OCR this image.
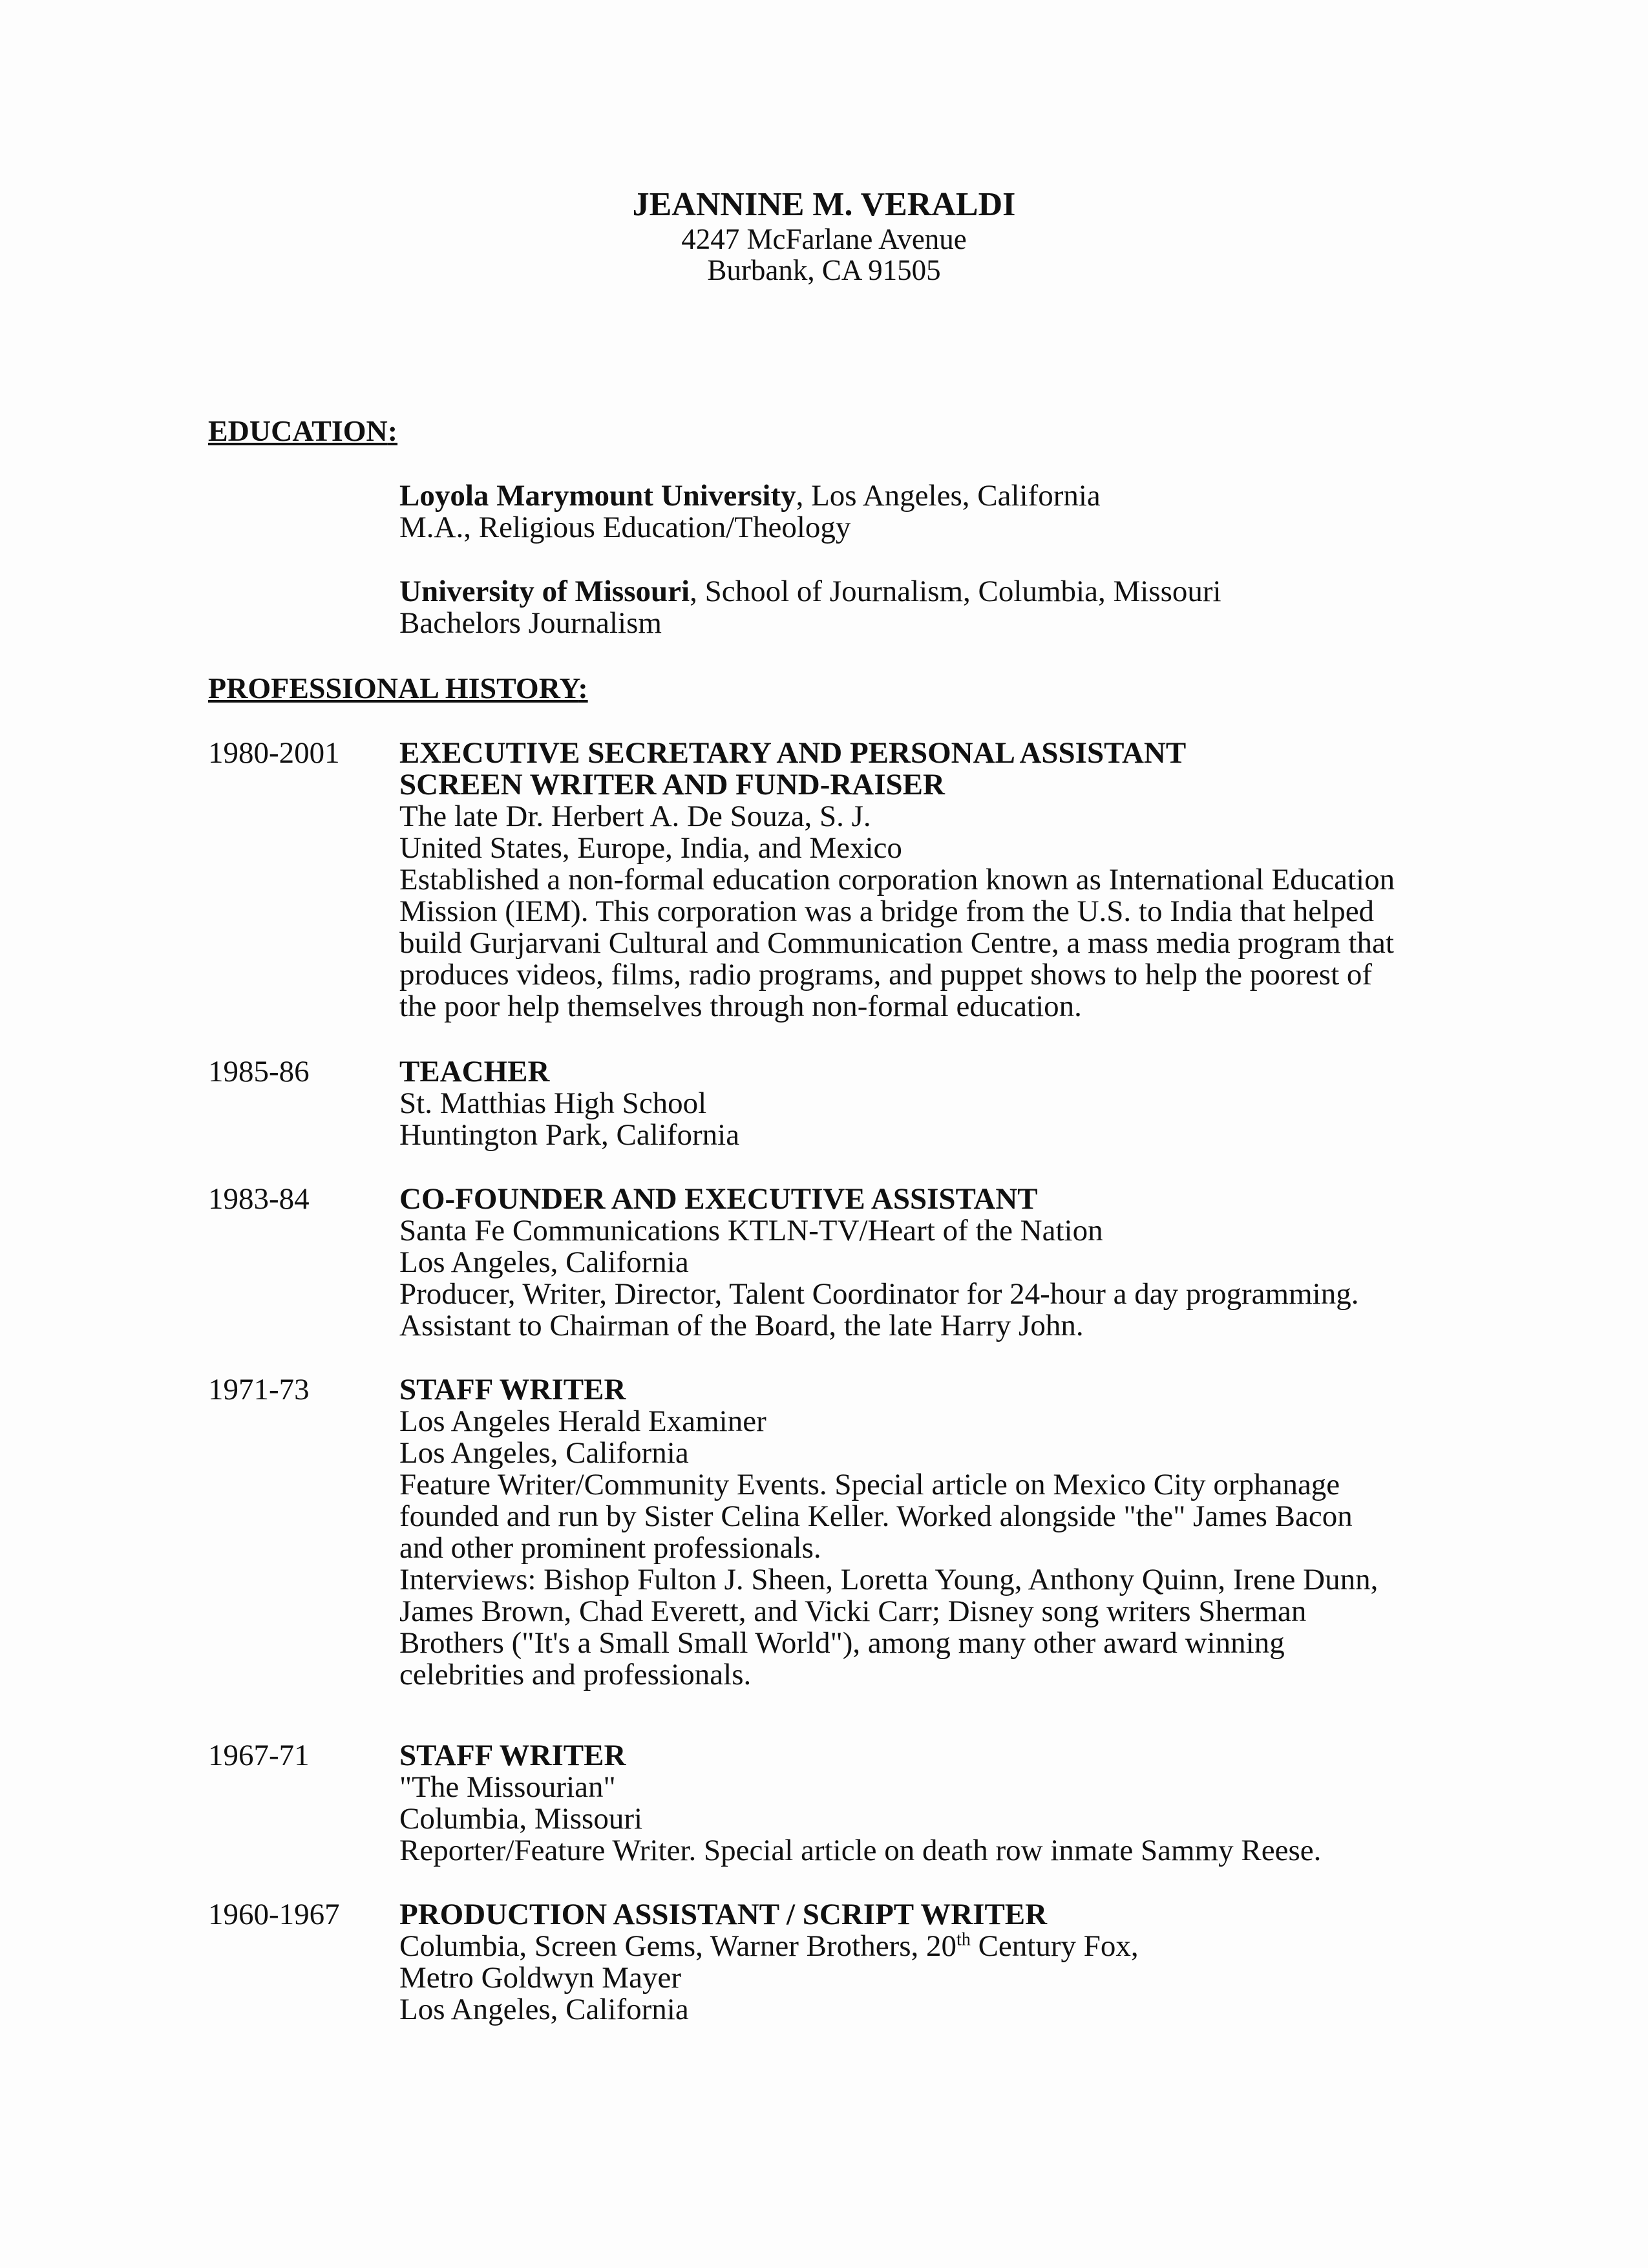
JEANNINE M. VERALDI
4247 McFarlane Avenue
Burbank, CA 91505
EDUCATION:
Loyola Marymount University, Los Angeles, California
M.A., Religious Education/Theology
University of Missouri, School of Journalism, Columbia, Missouri
Bachelors Journalism
PROFESSIONAL HISTORY:
1980-2001 EXECUTIVE SECRETARY AND PERSONAL ASSISTANT
SCREEN WRITER AND FUND-RAISER
The late Dr. Herbert A. De Souza, S. J.
United States, Europe, India, and Mexico
Established a non-formal education corporation known as International Education
Mission (IEM). This corporation was a bridge from the U.S. to India that helped
build Gurjarvani Cultural and Communication Centre, a mass media program that
produces videos, films, radio programs, and puppet shows to help the poorest of
the poor help themselves through non-formal education.
1985-86	TEACHER
St. Matthias High School
Huntington Park, California
1983-84	CO-FOUNDER AND EXECUTIVE ASSISTANT
Santa Fe Communications KTLN-TV/Heart of the Nation
Los Angeles, California
Producer, Writer, Director, Talent Coordinator for 24-hour a day programming.
Assistant to Chairman of the Board, the late Harry John.
1971-73	STAFF WRITER
Los Angeles Herald Examiner
Los Angeles, California
Feature Writer/Community Events. Special article on Mexico City orphanage
founded and run by Sister Celina Keller. Worked alongside "the" James Bacon
and other prominent professionals.
Interviews: Bishop Fulton J. Sheen, Loretta Young, Anthony Quinn, Irene Dunn,
James Brown, Chad Everett, and Vicki Carr; Disney song writers Sherman
Brothers ("It's a Small Small World"), among many other award winning
celebrities and professionals.
1967-71	STAFF WRITER
"The Missourian"
Columbia, Missouri
Reporter/Feature Writer. Special article on death row inmate Sammy Reese.
1960-1967 PRODUCTION ASSISTANT / SCRIPT WRITER
Columbia, Screen Gems, Warner Brothers, 20th Century Fox,
Metro Goldwyn Mayer
Los Angeles, California
